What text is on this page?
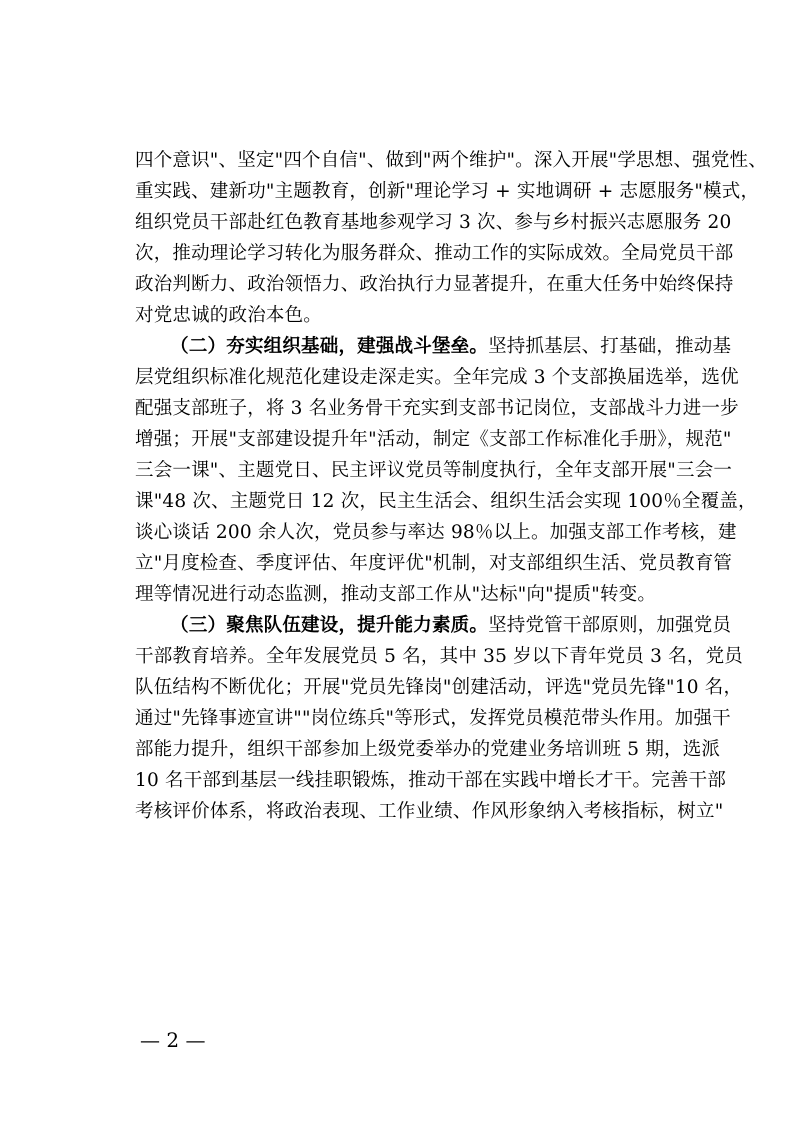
四个意识"、坚定"四个自信"、做到"两个维护"。深入开展"学思想、强党性、
重实践、建新功"主题教育，创新"理论学习 + 实地调研 + 志愿服务"模式，
组织党员干部赴红色教育基地参观学习 3 次、参与乡村振兴志愿服务 20
次，推动理论学习转化为服务群众、推动工作的实际成效。全局党员干部
政治判断力、政治领悟力、政治执行力显著提升，在重大任务中始终保持
对党忠诚的政治本色。
（二）夯实组织基础，建强战斗堡垒。坚持抓基层、打基础，推动基
层党组织标准化规范化建设走深走实。全年完成 3 个支部换届选举，选优
配强支部班子，将 3 名业务骨干充实到支部书记岗位，支部战斗力进一步
增强；开展"支部建设提升年"活动，制定《支部工作标准化手册》，规范"
三会一课"、主题党日、民主评议党员等制度执行，全年支部开展"三会一
课"48 次、主题党日 12 次，民主生活会、组织生活会实现 100％全覆盖，
谈心谈话 200 余人次，党员参与率达 98％以上。加强支部工作考核，建
立"月度检查、季度评估、年度评优"机制，对支部组织生活、党员教育管
理等情况进行动态监测，推动支部工作从"达标"向"提质"转变。
（三）聚焦队伍建设，提升能力素质。坚持党管干部原则，加强党员
干部教育培养。全年发展党员 5 名，其中 35 岁以下青年党员 3 名，党员
队伍结构不断优化；开展"党员先锋岗"创建活动，评选"党员先锋"10 名，
通过"先锋事迹宣讲""岗位练兵"等形式，发挥党员模范带头作用。加强干
部能力提升，组织干部参加上级党委举办的党建业务培训班 5 期，选派
10 名干部到基层一线挂职锻炼，推动干部在实践中增长才干。完善干部
考核评价体系，将政治表现、工作业绩、作风形象纳入考核指标，树立"
— 2 —
